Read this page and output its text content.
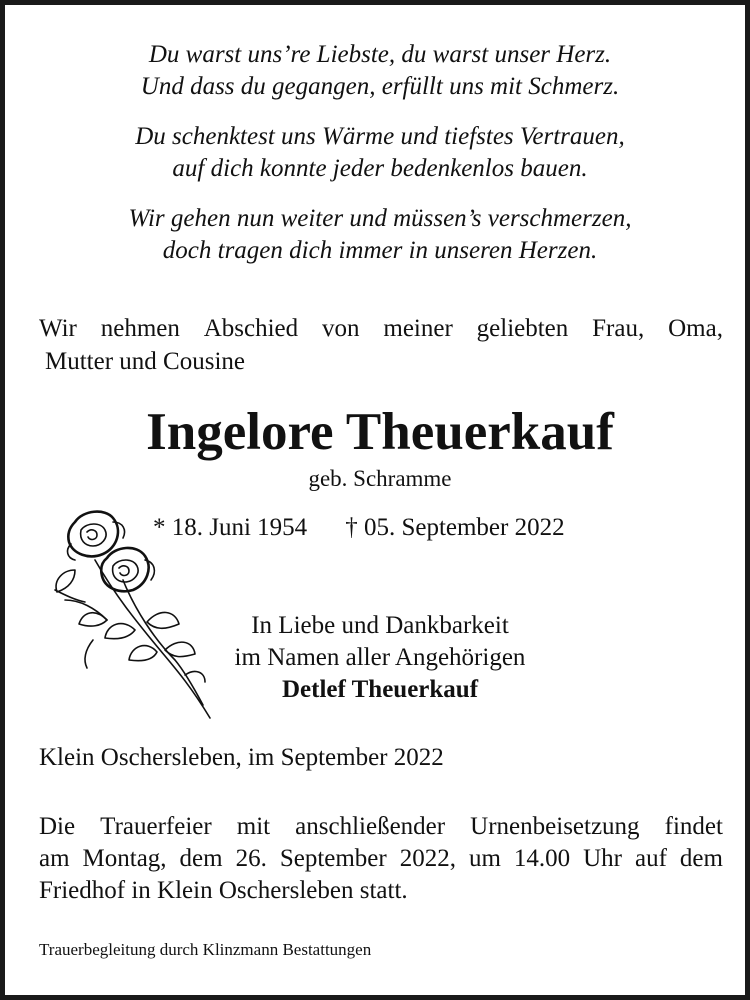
Du warst uns’re Liebste, du warst unser Herz.
Und dass du gegangen, erfüllt uns mit Schmerz.
Du schenktest uns Wärme und tiefstes Vertrauen,
auf dich konnte jeder bedenkenlos bauen.
Wir gehen nun weiter und müssen’s verschmerzen,
doch tragen dich immer in unseren Herzen.
Wir nehmen Abschied von meiner geliebten Frau, Oma,
Mutter und Cousine
Ingelore Theuerkauf
geb. Schramme
* 18. Juni 1954 † 05. September 2022
In Liebe und Dankbarkeit
im Namen aller Angehörigen
Detlef Theuerkauf
Klein Oschersleben, im September 2022
Die Trauerfeier mit anschließender Urnenbeisetzung findet
am Montag, dem 26. September 2022, um 14.00 Uhr auf dem
Friedhof in Klein Oschersleben statt.
Trauerbegleitung durch Klinzmann Bestattungen
